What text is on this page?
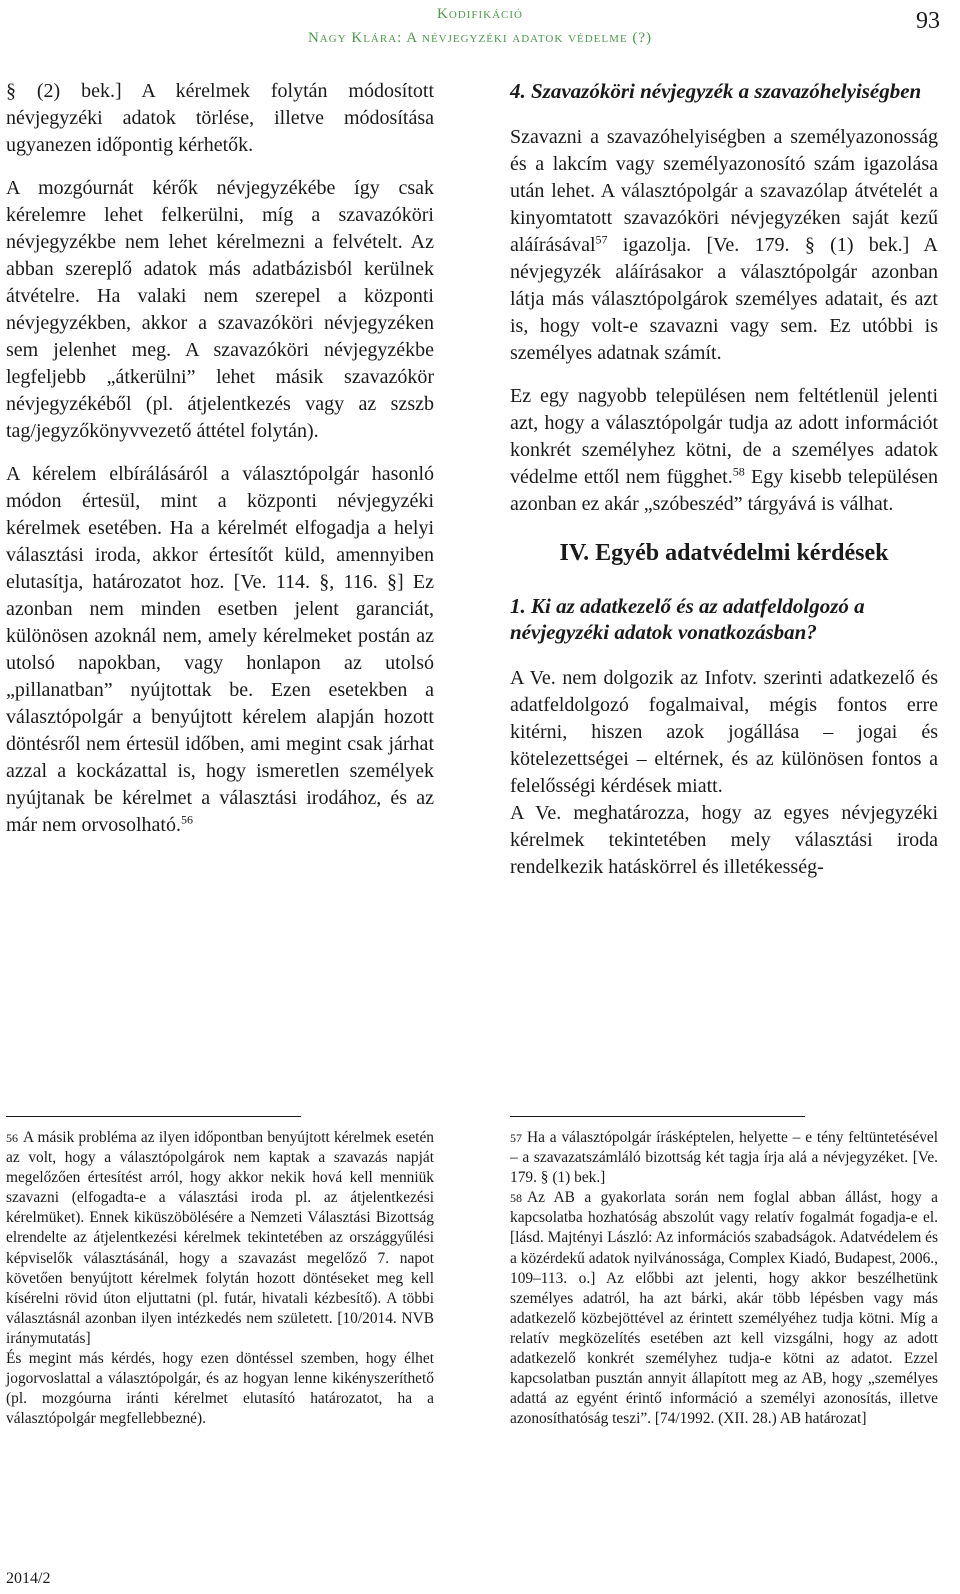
Kodifikáció
Nagy Klára: A névjegyzéki adatok védelme (?)
93

§ (2) bek.] A kérelmek folytán módosított névjegyzéki adatok törlése, illetve módosítása ugyanezen időpontig kérhetők.

A mozgóurnát kérők névjegyzékébe így csak kérelemre lehet felkerülni, míg a szavazóköri névjegyzékbe nem lehet kérelmezni a felvételt. Az abban szereplő adatok más adatbázisból kerülnek átvételre. Ha valaki nem szerepel a központi névjegyzékben, akkor a szavazóköri névjegyzéken sem jelenhet meg. A szavazóköri névjegyzékbe legfeljebb „átkerülni” lehet másik szavazókör névjegyzékéből (pl. átjelentkezés vagy az szszb tag/jegyzőkönyvvezető áttétel folytán).

A kérelem elbírálásáról a választópolgár hasonló módon értesül, mint a központi névjegyzéki kérelmek esetében. Ha a kérelmét elfogadja a helyi választási iroda, akkor értesítőt küld, amennyiben elutasítja, határozatot hoz. [Ve. 114. §, 116. §] Ez azonban nem minden esetben jelent garanciát, különösen azoknál nem, amely kérelmeket postán az utolsó napokban, vagy honlapon az utolsó „pillanatban” nyújtottak be. Ezen esetekben a választópolgár a benyújtott kérelem alapján hozott döntésről nem értesül időben, ami megint csak járhat azzal a kockázattal is, hogy ismeretlen személyek nyújtanak be kérelmet a választási irodához, és az már nem orvosolható.$^{56}$

4. Szavazóköri névjegyzék a szavazóhelyiségben

Szavazni a szavazóhelyiségben a személyazonosság és a lakcím vagy személyazonosító szám igazolása után lehet. A választópolgár a szavazólap átvételét a kinyomtatott szavazóköri névjegyzéken saját kezű aláírásával$^{57}$ igazolja. [Ve. 179. § (1) bek.] A névjegyzék aláírásakor a választópolgár azonban látja más választópolgárok személyes adatait, és azt is, hogy volt-e szavazni vagy sem. Ez utóbbi is személyes adatnak számít.

Ez egy nagyobb településen nem feltétlenül jelenti azt, hogy a választópolgár tudja az adott információt konkrét személyhez kötni, de a személyes adatok védelme ettől nem függhet.$^{58}$ Egy kisebb településen azonban ez akár „szóbeszéd” tárgyává is válhat.

IV. Egyéb adatvédelmi kérdések
1. Ki az adatkezelő és az adatfeldolgozó a névjegyzéki adatok vonatkozásban?

A Ve. nem dolgozik az Infotv. szerinti adatkezelő és adatfeldolgozó fogalmaival, mégis fontos erre kitérni, hiszen azok jogállása – jogai és kötelezettségei – eltérnek, és az különösen fontos a felelősségi kérdések miatt.

A Ve. meghatározza, hogy az egyes névjegyzéki kérelmek tekintetében mely választási iroda rendelkezik hatáskörrel és illetékesség-

$^{56}$ A másik probléma az ilyen időpontban benyújtott kérelmek esetén az volt, hogy a választópolgárok nem kaptak a szavazás napját megelőzően értesítést arról, hogy akkor nekik hová kell menniük szavazni (elfogadta-e a választási iroda pl. az átjelentkezési kérelmüket). Ennek kiküszöbölésére a Nemzeti Választási Bizottság elrendelte az átjelentkezési kérelmek tekintetében az országgyűlési képviselők választásánál, hogy a szavazást megelőző 7. napot követően benyújtott kérelmek folytán hozott döntéseket meg kell kísérelni rövid úton eljuttatni (pl. futár, hivatali kézbesítő). A többi választásnál azonban ilyen intézkedés nem született. [10/2014. NVB iránymutatás]

És megint más kérdés, hogy ezen döntéssel szemben, hogy élhet jogorvoslattal a választópolgár, és az hogyan lenne kikényszeríthető (pl. mozgóurna iránti kérelmet elutasító határozatot, ha a választópolgár megfellebbezné).

$^{57}$ Ha a választópolgár írásképtelen, helyette – e tény feltüntetésével – a szavazatszámláló bizottság két tagja írja alá a névjegyzéket. [Ve. 179. § (1) bek.]

$^{58}$ Az AB a gyakorlata során nem foglal abban állást, hogy a kapcsolatba hozhatóság abszolút vagy relatív fogalmát fogadja-e el. [lásd. Majtényi László: Az információs szabadságok. Adatvédelem és a közérdekű adatok nyilvánossága, Complex Kiadó, Budapest, 2006., 109–113. o.] Az előbbi azt jelenti, hogy akkor beszélhetünk személyes adatról, ha azt bárki, akár több lépésben vagy más adatkezelő közbejöttével az érintett személyéhez tudja kötni. Míg a relatív megközelítés esetében azt kell vizsgálni, hogy az adott adatkezelő konkrét személyhez tudja-e kötni az adatot. Ezzel kapcsolatban pusztán annyit állapított meg az AB, hogy „személyes adattá az egyént érintő információ a személyi azonosítás, illetve azonosíthatóság teszi”. [74/1992. (XII. 28.) AB határozat]

2014/2
